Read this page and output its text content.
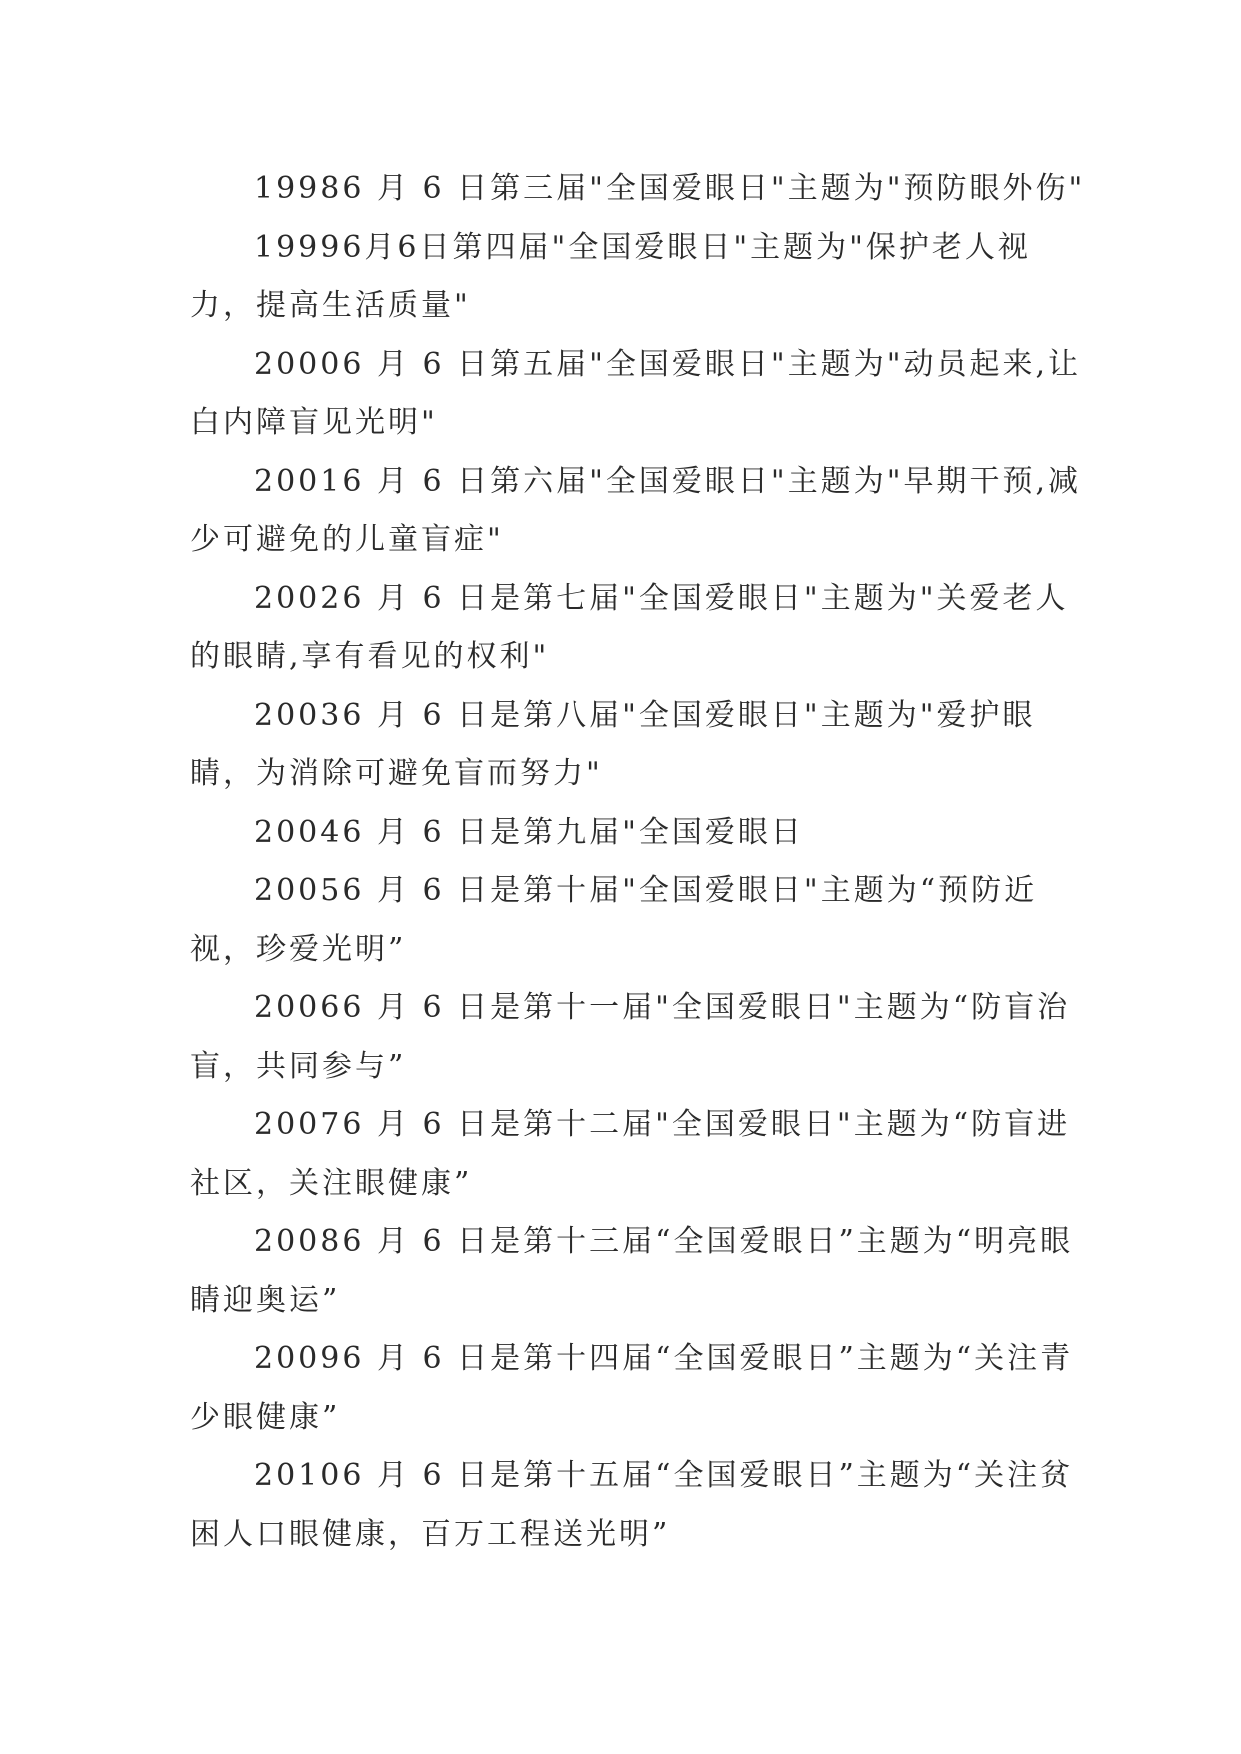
19986 月 6 日第三届"全国爱眼日"主题为"预防眼外伤"

19996月6日第四届"全国爱眼日"主题为"保护老人视力，提高生活质量"

20006 月 6 日第五届"全国爱眼日"主题为"动员起来,让白内障盲见光明"

20016 月 6 日第六届"全国爱眼日"主题为"早期干预,减少可避免的儿童盲症"

20026 月 6 日是第七届"全国爱眼日"主题为"关爱老人的眼睛,享有看见的权利"

20036 月 6 日是第八届"全国爱眼日"主题为"爱护眼睛，为消除可避免盲而努力"

20046 月 6 日是第九届"全国爱眼日

20056 月 6 日是第十届"全国爱眼日"主题为“预防近视，珍爱光明”

20066 月 6 日是第十一届"全国爱眼日"主题为“防盲治盲，共同参与”

20076 月 6 日是第十二届"全国爱眼日"主题为“防盲进社区，关注眼健康”

20086 月 6 日是第十三届“全国爱眼日”主题为“明亮眼睛迎奥运”

20096 月 6 日是第十四届“全国爱眼日”主题为“关注青少眼健康”

20106 月 6 日是第十五届“全国爱眼日”主题为“关注贫困人口眼健康，百万工程送光明”
